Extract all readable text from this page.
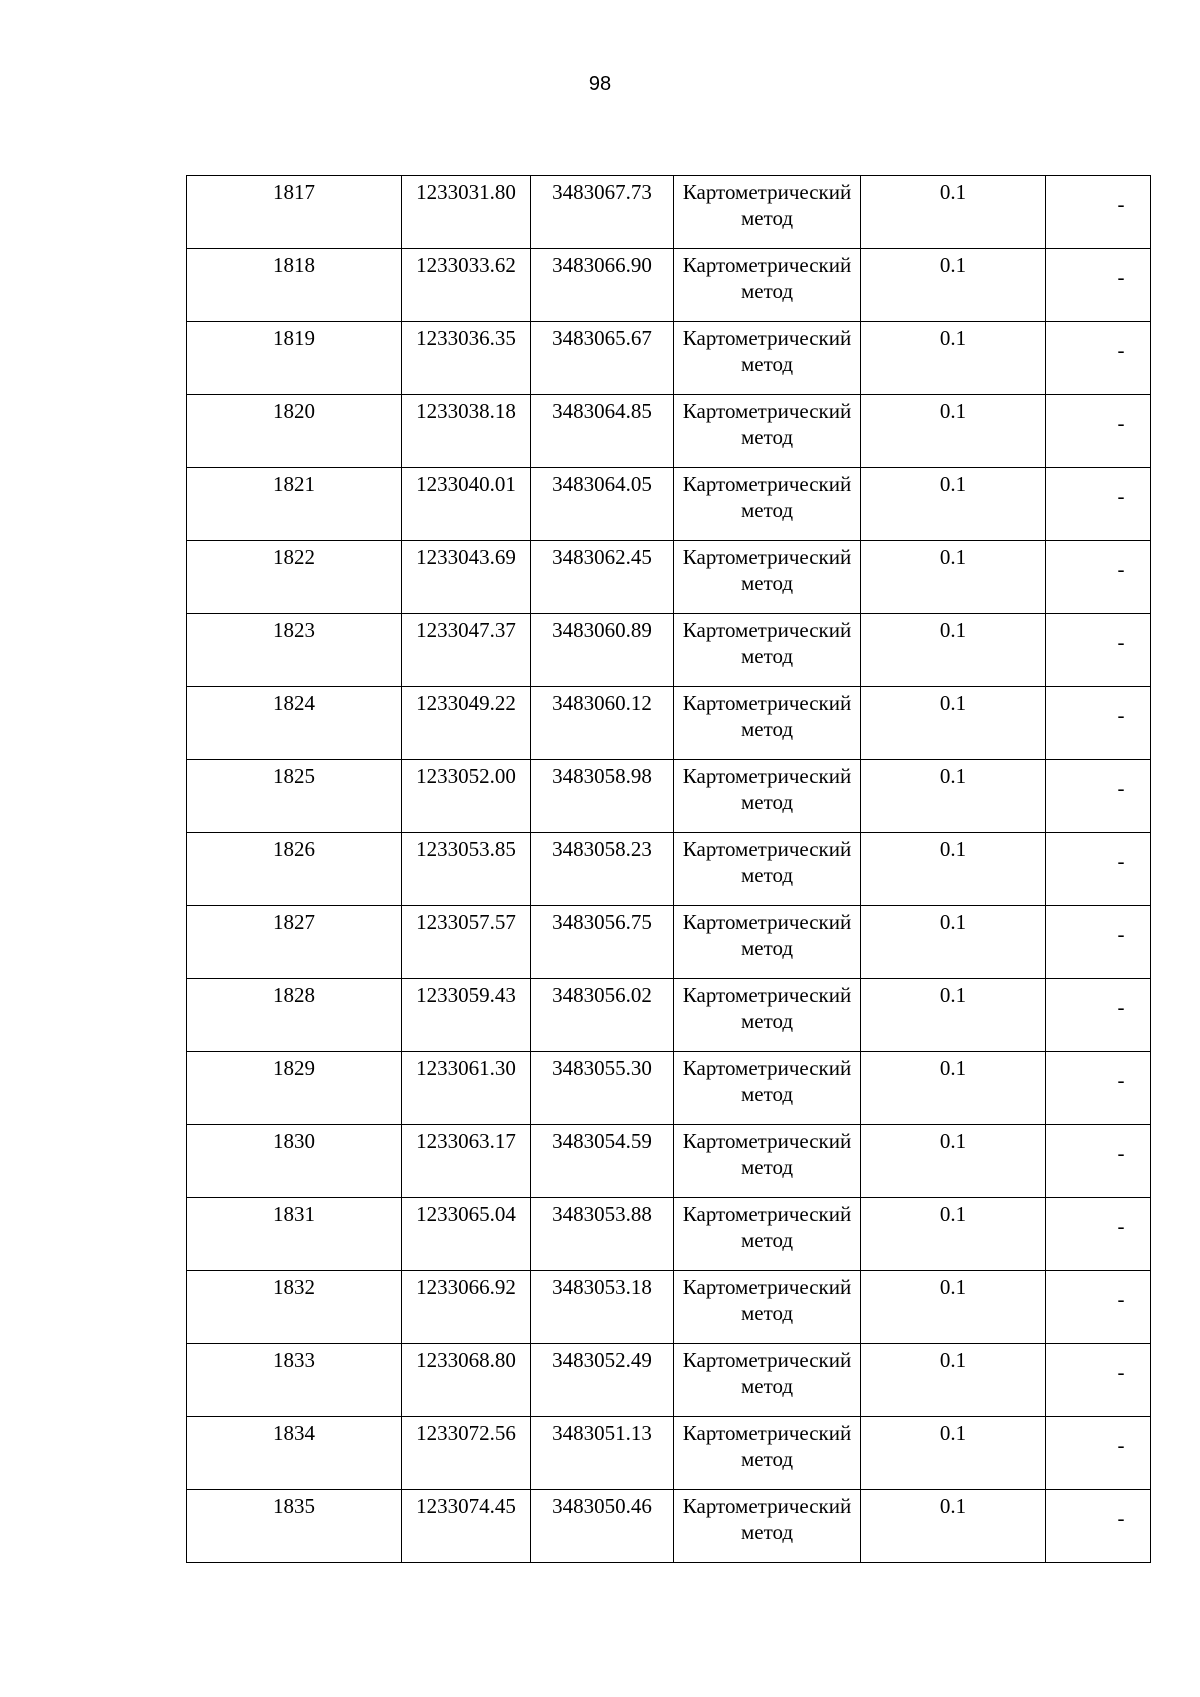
98
1817	1233031.80	3483067.73	Картометрический метод	0.1	-
1818	1233033.62	3483066.90	Картометрический метод	0.1	-
1819	1233036.35	3483065.67	Картометрический метод	0.1	-
1820	1233038.18	3483064.85	Картометрический метод	0.1	-
1821	1233040.01	3483064.05	Картометрический метод	0.1	-
1822	1233043.69	3483062.45	Картометрический метод	0.1	-
1823	1233047.37	3483060.89	Картометрический метод	0.1	-
1824	1233049.22	3483060.12	Картометрический метод	0.1	-
1825	1233052.00	3483058.98	Картометрический метод	0.1	-
1826	1233053.85	3483058.23	Картометрический метод	0.1	-
1827	1233057.57	3483056.75	Картометрический метод	0.1	-
1828	1233059.43	3483056.02	Картометрический метод	0.1	-
1829	1233061.30	3483055.30	Картометрический метод	0.1	-
1830	1233063.17	3483054.59	Картометрический метод	0.1	-
1831	1233065.04	3483053.88	Картометрический метод	0.1	-
1832	1233066.92	3483053.18	Картометрический метод	0.1	-
1833	1233068.80	3483052.49	Картометрический метод	0.1	-
1834	1233072.56	3483051.13	Картометрический метод	0.1	-
1835	1233074.45	3483050.46	Картометрический метод	0.1	-
